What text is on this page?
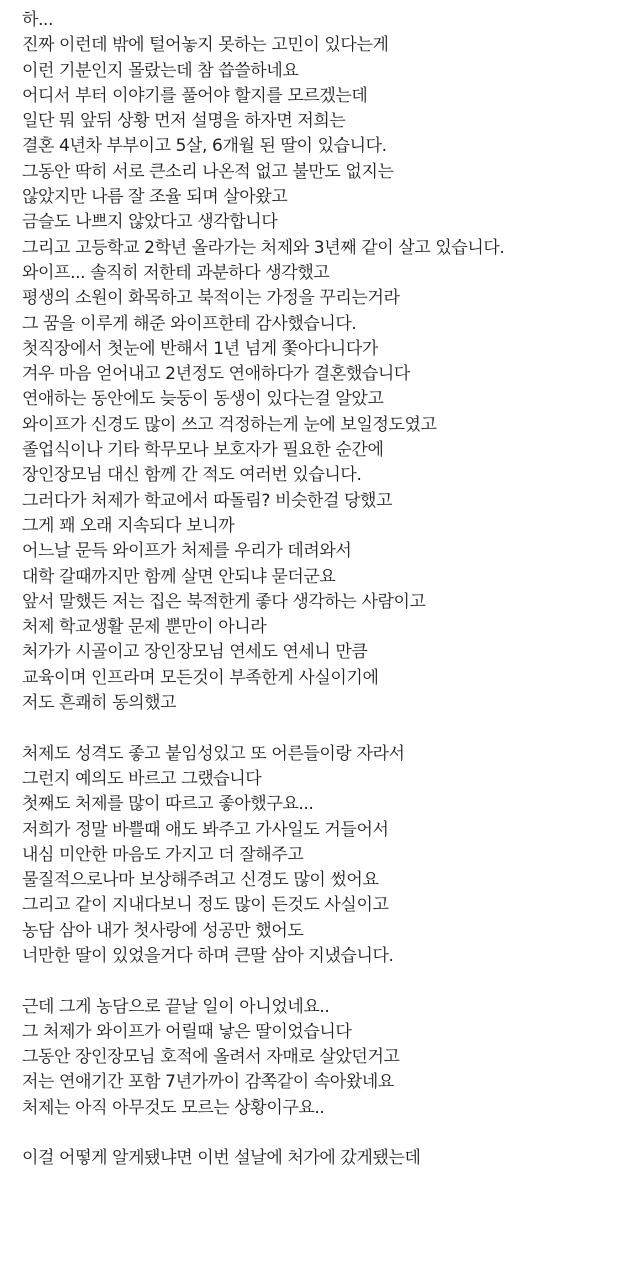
하...
진짜 이런데 밖에 털어놓지 못하는 고민이 있다는게
이런 기분인지 몰랐는데 참 씁쓸하네요
어디서 부터 이야기를 풀어야 할지를 모르겠는데
일단 뭐 앞뒤 상황 먼저 설명을 하자면 저희는
결혼 4년차 부부이고 5살, 6개월 된 딸이 있습니다.
그동안 딱히 서로 큰소리 나온적 없고 불만도 없지는
않았지만 나름 잘 조율 되며 살아왔고
금슬도 나쁘지 않았다고 생각합니다
그리고 고등학교 2학년 올라가는 처제와 3년째 같이 살고 있습니다.
와이프... 솔직히 저한테 과분하다 생각했고
평생의 소원이 화목하고 북적이는 가정을 꾸리는거라
그 꿈을 이루게 해준 와이프한테 감사했습니다.
첫직장에서 첫눈에 반해서 1년 넘게 쫓아다니다가
겨우 마음 얻어내고 2년정도 연애하다가 결혼했습니다
연애하는 동안에도 늦둥이 동생이 있다는걸 알았고
와이프가 신경도 많이 쓰고 걱정하는게 눈에 보일정도였고
졸업식이나 기타 학무모나 보호자가 필요한 순간에
장인장모님 대신 함께 간 적도 여러번 있습니다.
그러다가 처제가 학교에서 따돌림? 비슷한걸 당했고
그게 꽤 오래 지속되다 보니까
어느날 문득 와이프가 처제를 우리가 데려와서
대학 갈때까지만 함께 살면 안되냐 묻더군요
앞서 말했든 저는 집은 북적한게 좋다 생각하는 사람이고
처제 학교생활 문제 뿐만이 아니라
처가가 시골이고 장인장모님 연세도 연세니 만큼
교육이며 인프라며 모든것이 부족한게 사실이기에
저도 흔쾌히 동의했고
처제도 성격도 좋고 붙임성있고 또 어른들이랑 자라서
그런지 예의도 바르고 그랬습니다
첫째도 처제를 많이 따르고 좋아했구요...
저희가 정말 바쁠때 애도 봐주고 가사일도 거들어서
내심 미안한 마음도 가지고 더 잘해주고
물질적으로나마 보상해주려고 신경도 많이 썼어요
그리고 같이 지내다보니 정도 많이 든것도 사실이고
농담 삼아 내가 첫사랑에 성공만 했어도
너만한 딸이 있었을거다 하며 큰딸 삼아 지냈습니다.
근데 그게 농담으로 끝날 일이 아니었네요..
그 처제가 와이프가 어릴때 낳은 딸이었습니다
그동안 장인장모님 호적에 올려서 자매로 살았던거고
저는 연애기간 포함 7년가까이 감쪽같이 속아왔네요
처제는 아직 아무것도 모르는 상황이구요..
이걸 어떻게 알게됐냐면 이번 설날에 처가에 갔게됐는데
